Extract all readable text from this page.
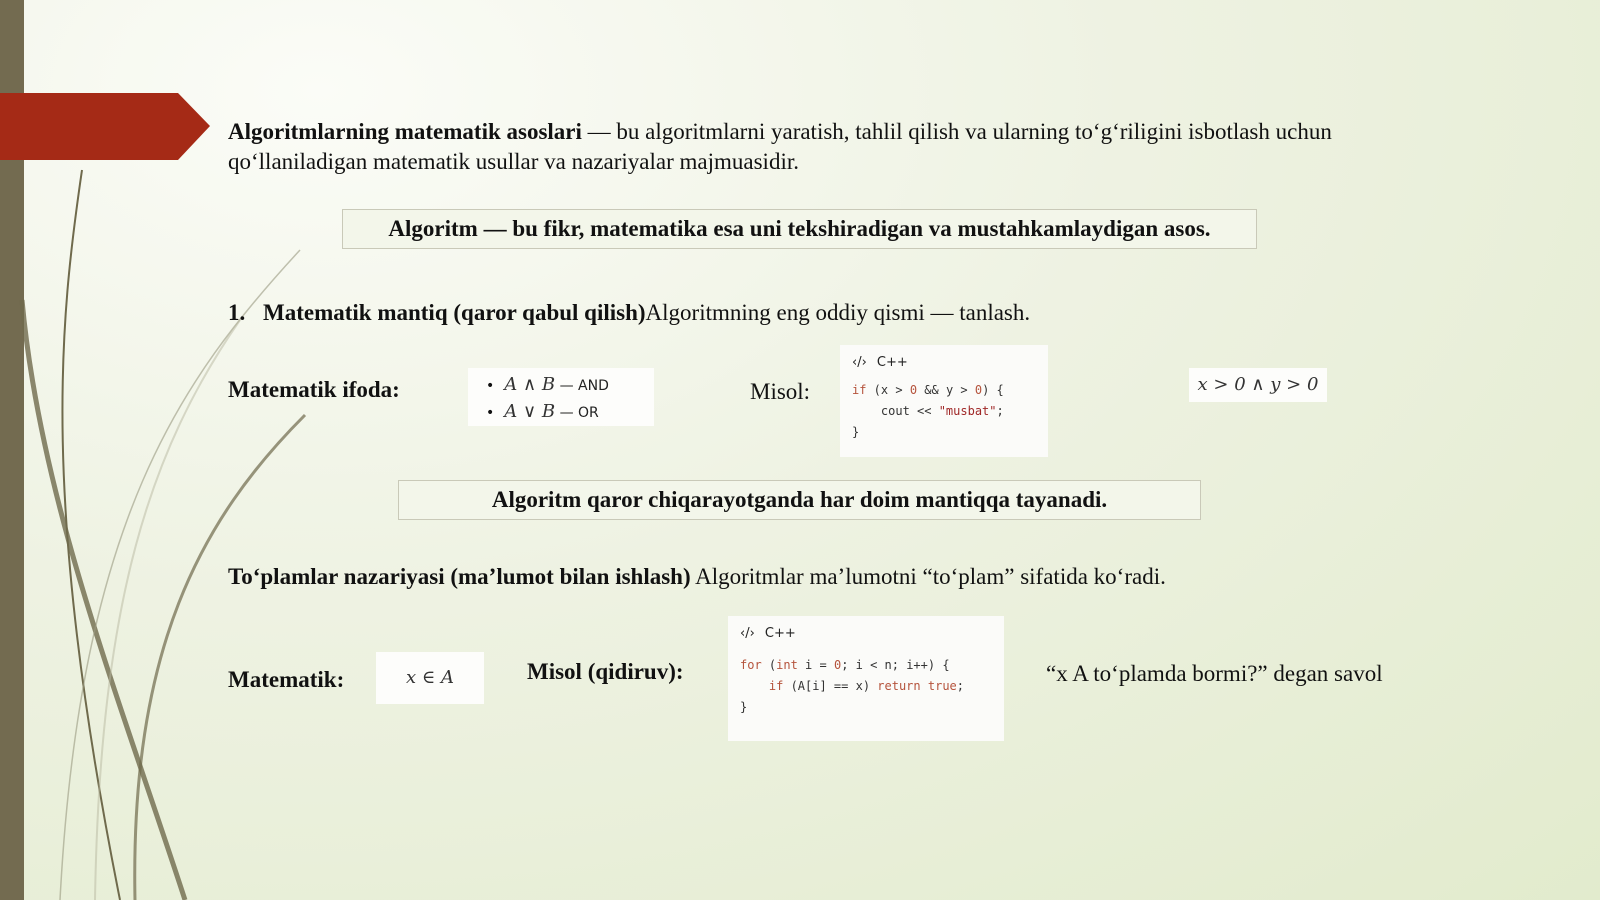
Algoritmlarning matematik asoslari — bu algoritmlarni yaratish, tahlil qilish va ularning to‘g‘riligini isbotlash uchun
qo‘llaniladigan matematik usullar va nazariyalar majmuasidir.
Algoritm — bu fikr, matematika esa uni tekshiradigan va mustahkamlaydigan asos.
1. Matematik mantiq (qaror qabul qilish)Algoritmning eng oddiy qismi — tanlash.
Matematik ifoda:	• A ∧ B — AND
• A ∨ B — OR
Misol:
‹/› C++
if (x > 0 && y > 0) {
cout << "musbat";
}
x > 0 ∧ y > 0
Algoritm qaror chiqarayotganda har doim mantiqqa tayanadi.
To‘plamlar nazariyasi (ma’lumot bilan ishlash) Algoritmlar ma’lumotni “to‘plam” sifatida ko‘radi.
Matematik:	x ∈ A	Misol (qidiruv):
‹/› C++
for (int i = 0; i < n; i++) {
if (A[i] == x) return true;
}
“x A to‘plamda bormi?” degan savol
